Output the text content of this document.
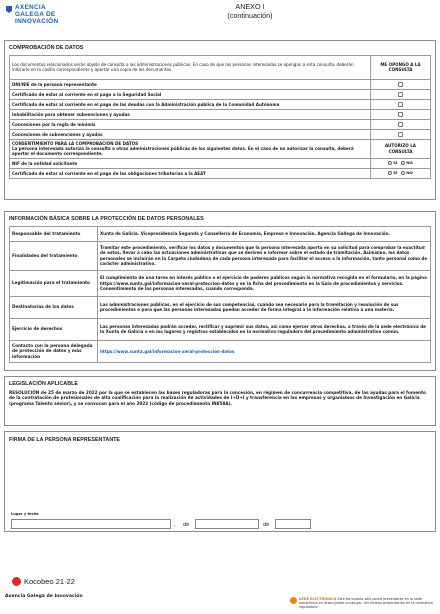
AXENCIA
GALEGA DE
INNOVACIÓN
ANEXO I
(continuación)
COMPROBACIÓN DE DATOS
Los documentos relacionados serán objeto de consulta a las administraciones públicas. En caso de que las personas interesadas se opongan a esta consulta, deberán indicarlo en la casilla correspondiente y aportar una copia de los documentos.	ME OPONGO A LA CONSULTA
DNI/NIE de la persona representante	
Certificado de estar al corriente en el pago a la Seguridad Social	
Certificado de estar al corriente en el pago de las deudas con la Administración pública de la Comunidad Autónoma	
Inhabilitación para obtener subvenciones y ayudas	
Concesiones por la regla de minimis	
Concesiones de subvenciones y ayudas	

CONSENTIMIENTO PARA LA COMPROBACIÓN DE DATOS
La persona interesada autoriza la consulta a otras administraciones públicas de los siguientes datos. En el caso de no autorizar la consulta, deberá aportar el documento correspondiente.	AUTORIZO LA CONSULTA
NIF de la entidad solicitante	SÍ NO
Certificado de estar al corriente en el pago de las obligaciones tributarias a la AEAT	SÍ NO
INFORMACIÓN BÁSICA SOBRE LA PROTECCIÓN DE DATOS PERSONALES
Responsable del tratamiento	Xunta de Galicia. Vicepresidencia Segunda y Consellería de Economía, Empresa e Innovación. Agencia Gallega de Innovación.
Finalidades del tratamiento	Tramitar este procedimiento, verificar los datos y documentos que la persona interesada aporta en su solicitud para comprobar la exactitud de estos, llevar a cabo las actuaciones administrativas que se deriven e informar sobre el estado de tramitación. Asimismo, los datos personales se incluirán en la Carpeta ciudadana de cada persona interesada para facilitar el acceso a la información, tanto personal como de carácter administrativo.
Legitimación para el tratamiento	El cumplimiento de una tarea en interés público o el ejercicio de poderes públicos según la normativa recogida en el formulario, en la página https://www.xunta.gal/informacion-xeral-proteccion-datos y en la ficha del procedimiento en la Guía de procedimientos y servicios. Consentimiento de las personas interesadas, cuando corresponda.
Destinatarias de los datos	Las administraciones públicas, en el ejercicio de sus competencias, cuando sea necesario para la tramitación y resolución de sus procedimientos o para que las personas interesadas puedan acceder de forma integral a la información relativa a una materia.
Ejercicio de derechos	Las personas interesadas podrán acceder, rectificar y suprimir sus datos, así como ejercer otros derechos, a través de la sede electrónica de la Xunta de Galicia o en los lugares y registros establecidos en la normativa reguladora del procedimiento administrativo común.
Contacto con la persona delegada de protección de datos y más información	https://www.xunta.gal/informacion-xeral-proteccion-datos
LEGISLACIÓN APLICABLE
RESOLUCIÓN de 25 de marzo de 2022 por la que se establecen las bases reguladoras para la concesión, en régimen de concurrencia competitiva, de las ayudas para el fomento de la contratación de profesionales de alta cualificación para la realización de actividades de I+D+I y transferencia en las empresas y organismos de Investigación en Galicia (programa Talento sénior), y se convocan para el año 2022 (código de procedimiento IN858A).
FIRMA DE LA PERSONA REPRESENTANTE
Lugar y fecha
, de	de
Kocobeo 21·22
Axencia Galega de Innovación	SEDE ELECTRÓNICA Este formulario sólo podrá presentarse en la sede electrónica en https://sede.xunta.gal. Ver formas presentación en la normativa reguladora
